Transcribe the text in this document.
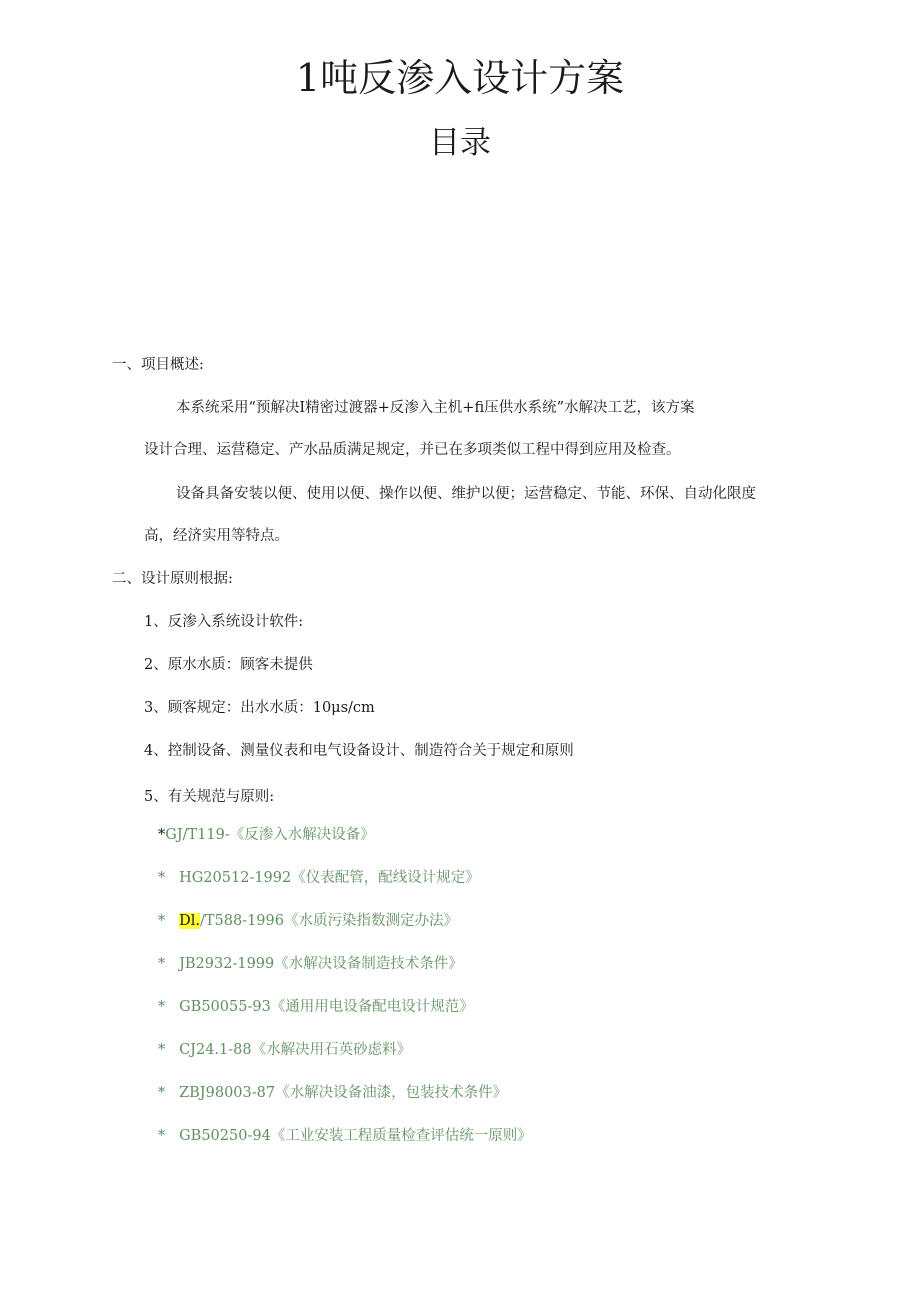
1吨反渗入设计方案
目录
一、项目概述:
本系统采用“预解决I精密过渡器+反渗入主机+fi压供水系统”水解决工艺，该方案
设计合理、运营稳定、产水品质满足规定，并已在多项类似工程中得到应用及检查。
设备具备安装以便、使用以便、操作以便、维护以便；运营稳定、节能、环保、自动化限度
高，经济实用等特点。
二、设计原则根据:
1、反渗入系统设计软件:
2、原水水质：顾客未提供
3、顾客规定：出水水质：10μs/cm
4、控制设备、测量仪表和电气设备设计、制造符合关于规定和原则
5、有关规范与原则:
*GJ/T119-《反渗入水解决设备》
* HG20512-1992《仪表配管，配线设计规定》
* Dl./T588-1996《水质污染指数测定办法》
* JB2932-1999《水解决设备制造技术条件》
* GB50055-93《通用用电设备配电设计规范》
* CJ24.1-88《水解决用石英砂虑料》
* ZBJ98003-87《水解决设备油漆，包装技术条件》
* GB50250-94《工业安装工程质量检查评估统一原则》
